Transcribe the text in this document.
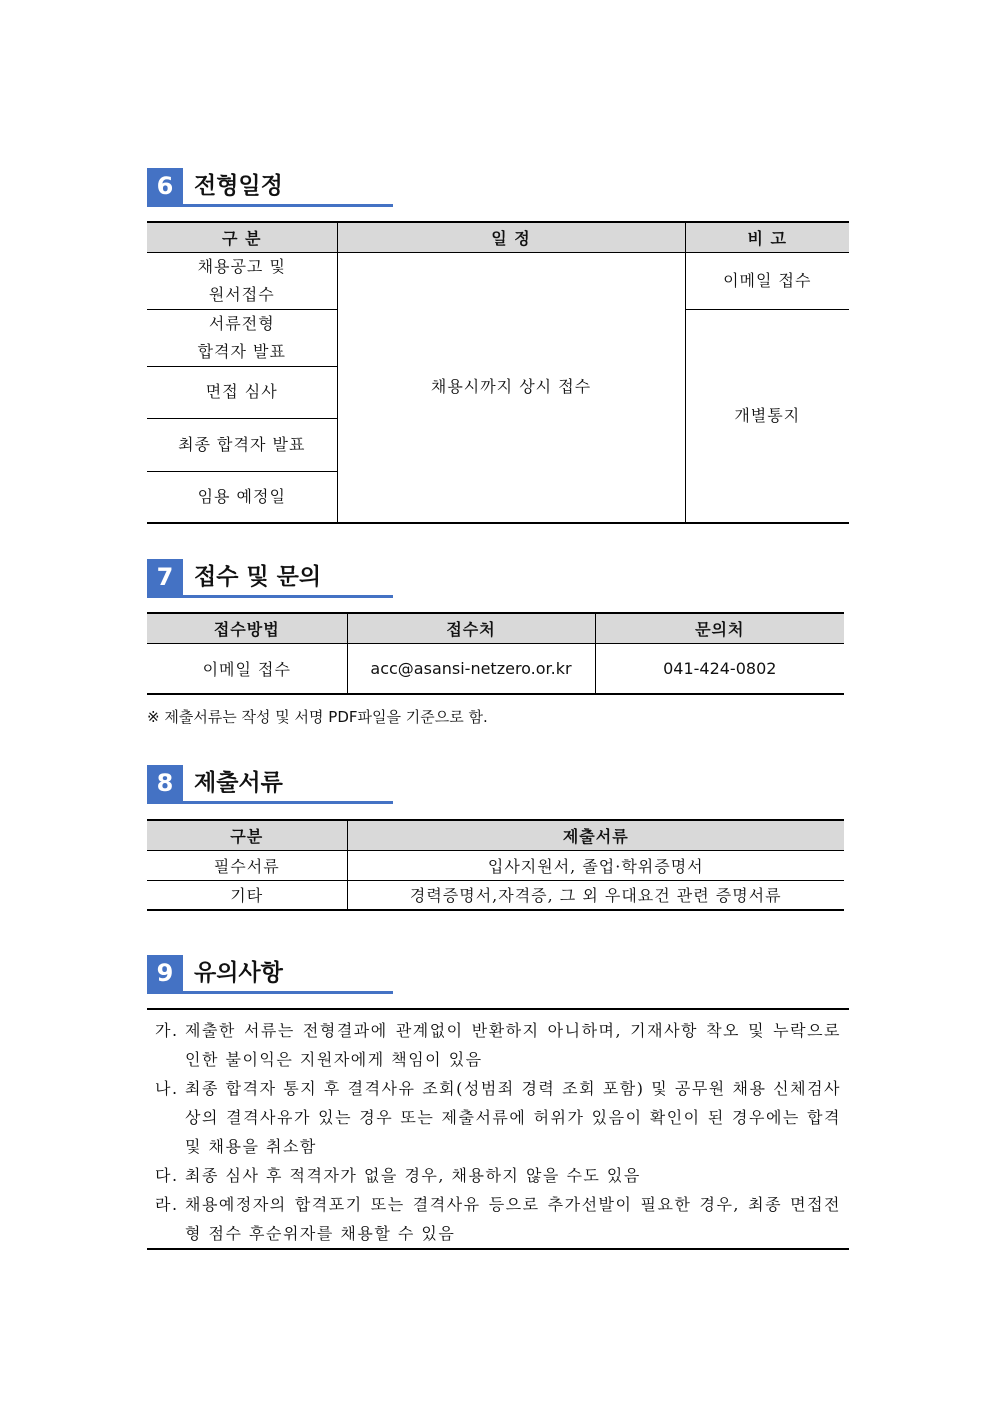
6 전형일정
구 분	일 정	비 고

채용공고 및
원서접수	채용시까지 상시 접수	이메일 접수

서류전형
합격자 발표		개별통지
면접 심사		
최종 합격자 발표		
임용 예정일		
7 접수 및 문의
접수방법	접수처	문의처
이메일 접수	acc@asansi-netzero.or.kr	041-424-0802
※ 제출서류는 작성 및 서명 PDF파일을 기준으로 함.
8 제출서류
구분	제출서류
필수서류	입사지원서, 졸업·학위증명서
기타	경력증명서,자격증, 그 외 우대요건 관련 증명서류
9 유의사항
가. 제출한 서류는 전형결과에 관계없이 반환하지 아니하며, 기재사항 착오 및 누락으로 인한 불이익은 지원자에게 책임이 있음
나. 최종 합격자 통지 후 결격사유 조회(성범죄 경력 조회 포함) 및 공무원 채용 신체검사 상의 결격사유가 있는 경우 또는 제출서류에 허위가 있음이 확인이 된 경우에는 합격 및 채용을 취소함
다. 최종 심사 후 적격자가 없을 경우, 채용하지 않을 수도 있음
라. 채용예정자의 합격포기 또는 결격사유 등으로 추가선발이 필요한 경우, 최종 면접전형 점수 후순위자를 채용할 수 있음
